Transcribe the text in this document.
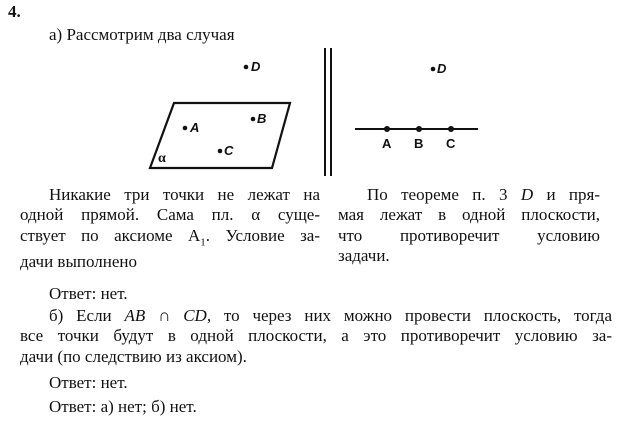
4.

а) Рассмотрим два случая

D
A
B
C
α
D
A B C
Никакие три точки не лежат на
одной прямой. Сама пл. α суще-
ствует по аксиоме $A_1$. Условие за-
дачи выполнено
По теореме п. 3 D и пря-
мая лежат в одной плоскости,
что противоречит условию
задачи.

Ответ: нет.

б) Если AB ∩ CD, то через них можно провести плоскость, тогда
все точки будут в одной плоскости, а это противоречит условию за-
дачи (по следствию из аксиом).

Ответ: нет.

Ответ: а) нет; б) нет.
